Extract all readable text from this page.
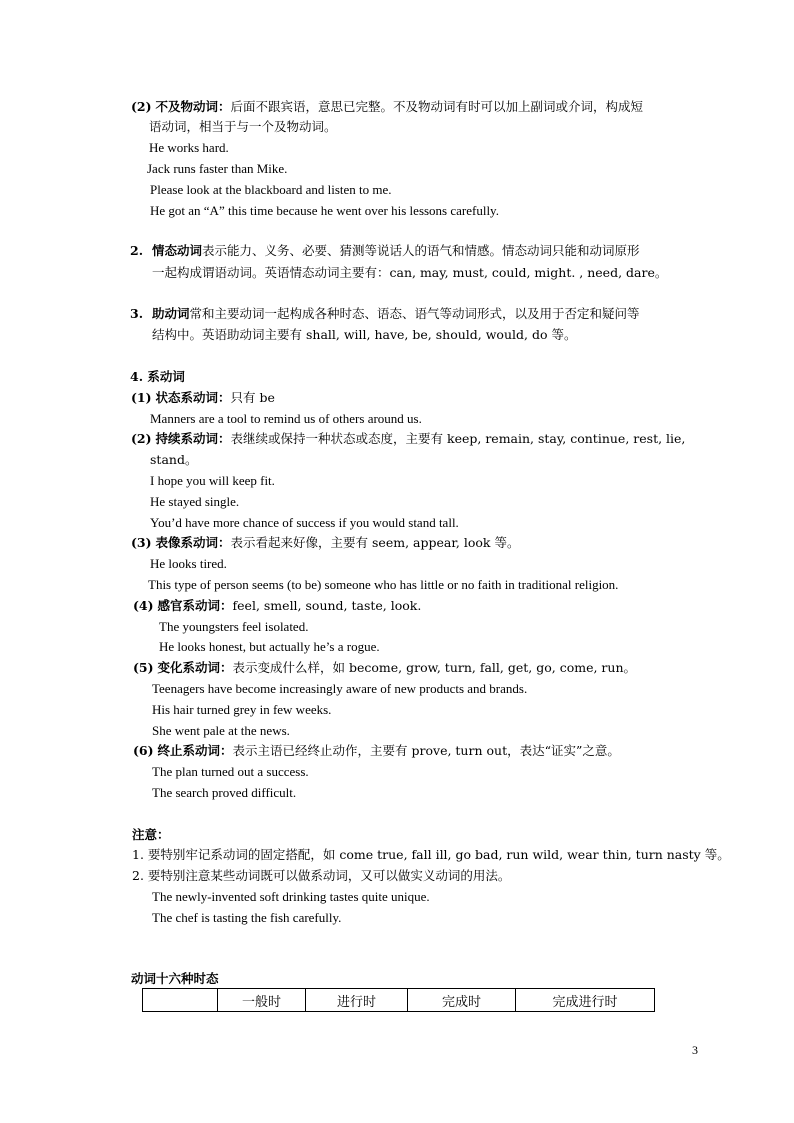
(2) 不及物动词：后面不跟宾语，意思已完整。不及物动词有时可以加上副词或介词，构成短
语动词，相当于与一个及物动词。
He works hard.
Jack runs faster than Mike.
Please look at the blackboard and listen to me.
He got an “A” this time because he went over his lessons carefully.
2. 情态动词表示能力、义务、必要、猜测等说话人的语气和情感。情态动词只能和动词原形
一起构成谓语动词。英语情态动词主要有：can, may, must, could, might. , need, dare。
3. 助动词常和主要动词一起构成各种时态、语态、语气等动词形式，以及用于否定和疑问等
结构中。英语助动词主要有 shall, will, have, be, should, would, do 等。
4. 系动词
(1) 状态系动词：只有 be
Manners are a tool to remind us of others around us.
(2) 持续系动词：表继续或保持一种状态或态度，主要有 keep, remain, stay, continue, rest, lie,
stand。
I hope you will keep fit.
He stayed single.
You’d have more chance of success if you would stand tall.
(3) 表像系动词：表示看起来好像，主要有 seem, appear, look 等。
He looks tired.
This type of person seems (to be) someone who has little or no faith in traditional religion.
(4) 感官系动词：feel, smell, sound, taste, look.
The youngsters feel isolated.
He looks honest, but actually he’s a rogue.
(5) 变化系动词：表示变成什么样，如 become, grow, turn, fall, get, go, come, run。
Teenagers have become increasingly aware of new products and brands.
His hair turned grey in few weeks.
She went pale at the news.
(6) 终止系动词：表示主语已经终止动作，主要有 prove, turn out，表达“证实”之意。
The plan turned out a success.
The search proved difficult.
注意：
1. 要特别牢记系动词的固定搭配，如 come true, fall ill, go bad, run wild, wear thin, turn nasty 等。
2. 要特别注意某些动词既可以做系动词，又可以做实义动词的用法。
The newly-invented soft drinking tastes quite unique.
The chef is tasting the fish carefully.
动词十六种时态
	一般时	进行时	完成时	完成进行时
3
